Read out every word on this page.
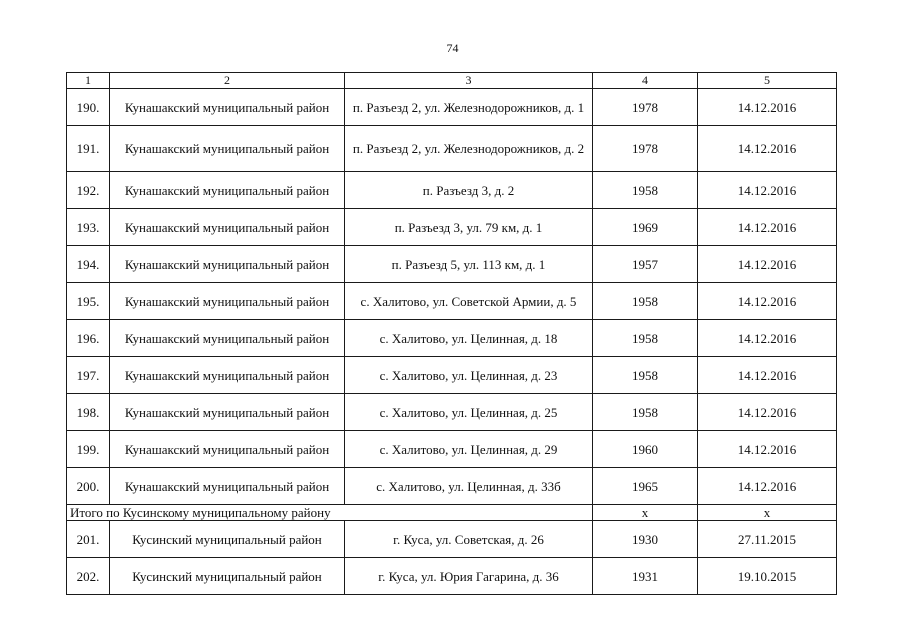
74
1	2	3	4	5
190.	Кунашакский муниципальный район	п. Разъезд 2, ул. Железнодорожников, д. 1	1978	14.12.2016
191.	Кунашакский муниципальный район	п. Разъезд 2, ул. Железнодорожников, д. 2	1978	14.12.2016
192.	Кунашакский муниципальный район	п. Разъезд 3, д. 2	1958	14.12.2016
193.	Кунашакский муниципальный район	п. Разъезд 3, ул. 79 км, д. 1	1969	14.12.2016
194.	Кунашакский муниципальный район	п. Разъезд 5, ул. 113 км, д. 1	1957	14.12.2016
195.	Кунашакский муниципальный район	с. Халитово, ул. Советской Армии, д. 5	1958	14.12.2016
196.	Кунашакский муниципальный район	с. Халитово, ул. Целинная, д. 18	1958	14.12.2016
197.	Кунашакский муниципальный район	с. Халитово, ул. Целинная, д. 23	1958	14.12.2016
198.	Кунашакский муниципальный район	с. Халитово, ул. Целинная, д. 25	1958	14.12.2016
199.	Кунашакский муниципальный район	с. Халитово, ул. Целинная, д. 29	1960	14.12.2016
200.	Кунашакский муниципальный район	с. Халитово, ул. Целинная, д. 33б	1965	14.12.2016
Итого по Кусинскому муниципальному району			x	x
201.	Кусинский муниципальный район	г. Куса, ул. Советская, д. 26	1930	27.11.2015
202.	Кусинский муниципальный район	г. Куса, ул. Юрия Гагарина, д. 36	1931	19.10.2015
